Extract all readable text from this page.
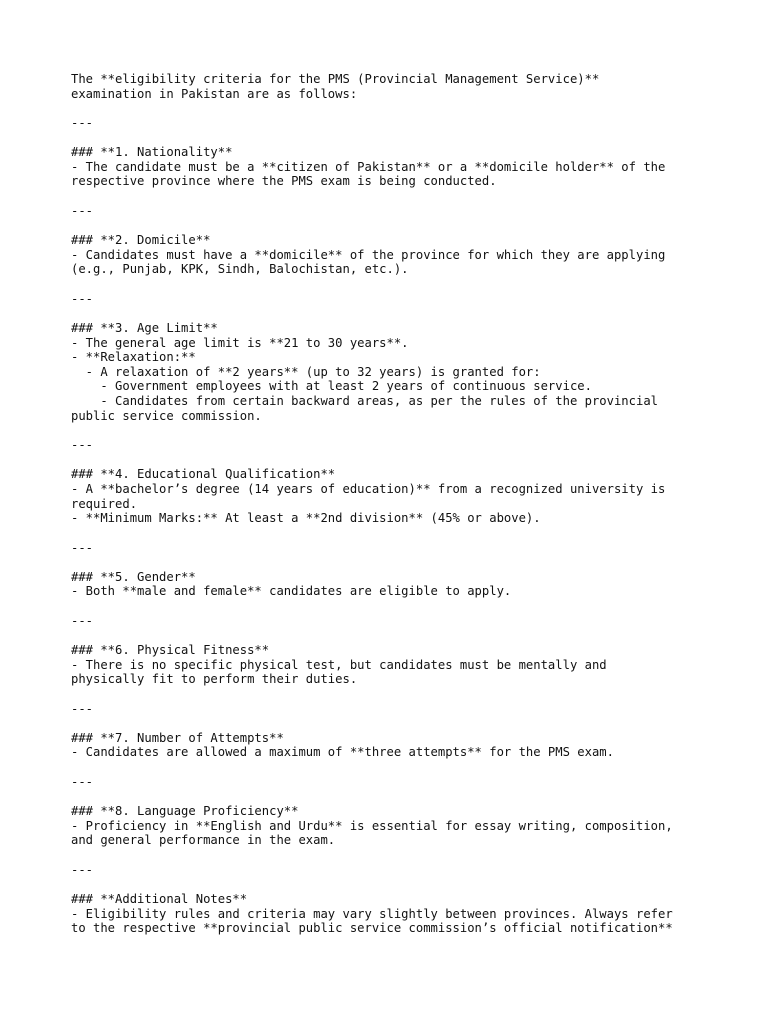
The **eligibility criteria for the PMS (Provincial Management Service)**
examination in Pakistan are as follows:
---
### **1. Nationality**
- The candidate must be a **citizen of Pakistan** or a **domicile holder** of the
respective province where the PMS exam is being conducted.
---
### **2. Domicile**
- Candidates must have a **domicile** of the province for which they are applying
(e.g., Punjab, KPK, Sindh, Balochistan, etc.).
---
### **3. Age Limit**
- The general age limit is **21 to 30 years**.
- **Relaxation:**
- A relaxation of **2 years** (up to 32 years) is granted for:
- Government employees with at least 2 years of continuous service.
- Candidates from certain backward areas, as per the rules of the provincial
public service commission.
---
### **4. Educational Qualification**
- A **bachelor’s degree (14 years of education)** from a recognized university is
required.
- **Minimum Marks:** At least a **2nd division** (45% or above).
---
### **5. Gender**
- Both **male and female** candidates are eligible to apply.
---
### **6. Physical Fitness**
- There is no specific physical test, but candidates must be mentally and
physically fit to perform their duties.
---
### **7. Number of Attempts**
- Candidates are allowed a maximum of **three attempts** for the PMS exam.
---
### **8. Language Proficiency**
- Proficiency in **English and Urdu** is essential for essay writing, composition,
and general performance in the exam.
---
### **Additional Notes**
- Eligibility rules and criteria may vary slightly between provinces. Always refer
to the respective **provincial public service commission’s official notification**
